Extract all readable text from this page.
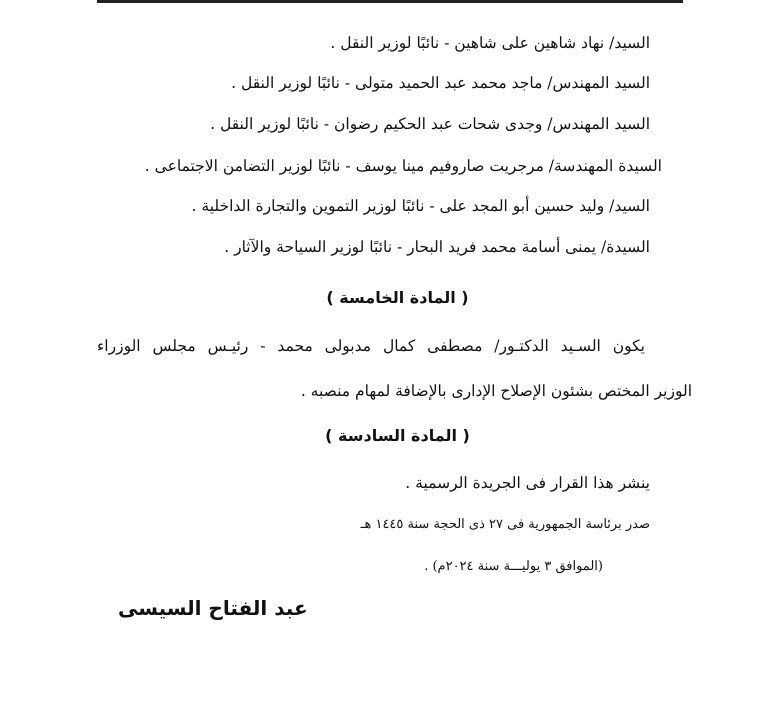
السيد/ نهاد شاهين على شاهين - نائبًا لوزير النقل .
السيد المهندس/ ماجد محمد عبد الحميد متولى - نائبًا لوزير النقل .
السيد المهندس/ وجدى شحات عبد الحكيم رضوان - نائبًا لوزير النقل .
السيدة المهندسة/ مرجريت صاروفيم مينا يوسف - نائبًا لوزير التضامن الاجتماعى .
السيد/ وليد حسين أبو المجد على - نائبًا لوزير التموين والتجارة الداخلية .
السيدة/ يمنى أسامة محمد فريد البحار - نائبًا لوزير السياحة والآثار .
( المادة الخامسة )
يكون السـيد الدكتـور/ مصطفى كمال مدبولى محمد - رئيـس مجلس الوزراء
الوزير المختص بشئون الإصلاح الإدارى بالإضافة لمهام منصبه .
( المادة السادسة )
ينشر هذا القرار فى الجريدة الرسمية .
صدر برئاسة الجمهورية فى ٢٧ ذى الحجة سنة ١٤٤٥ هـ
(الموافق ٣ يوليـــة سنة ٢٠٢٤م) .
عبد الفتاح السيسى
